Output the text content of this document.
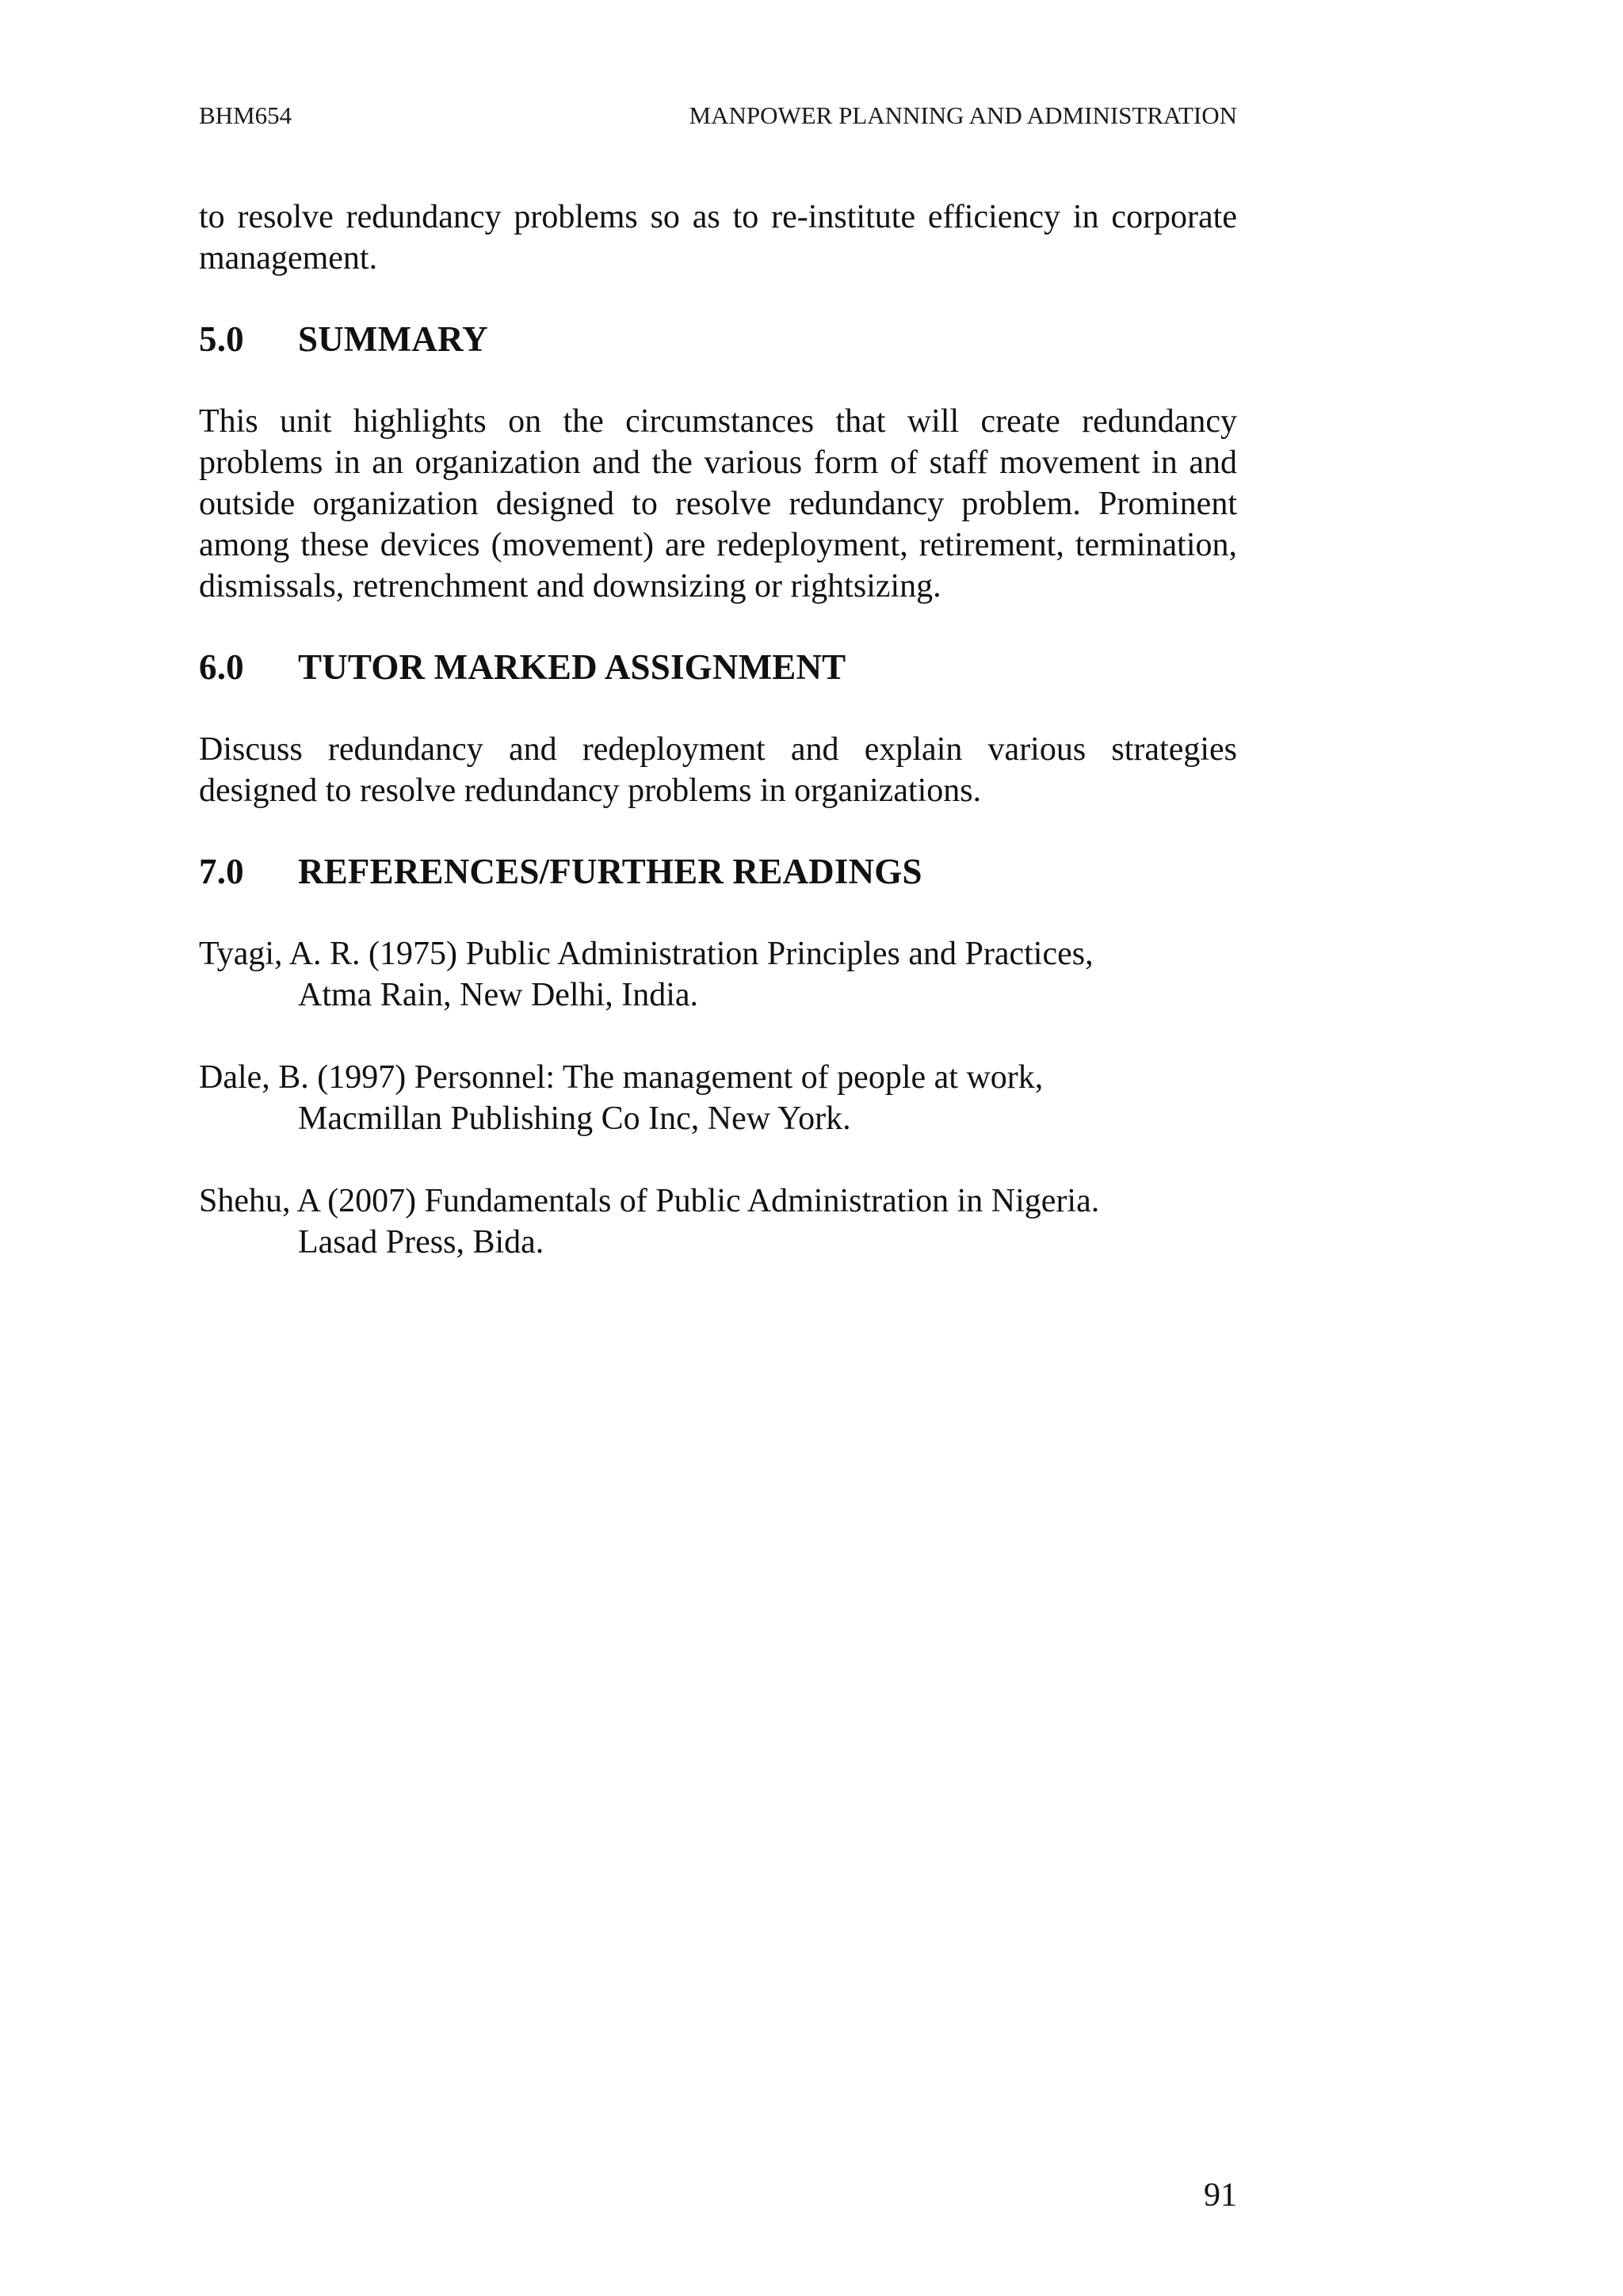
BHM654	MANPOWER PLANNING AND ADMINISTRATION

to resolve redundancy problems so as to re-institute efficiency in corporate management.

5.0	SUMMARY

This unit highlights on the circumstances that will create redundancy problems in an organization and the various form of staff movement in and outside organization designed to resolve redundancy problem. Prominent among these devices (movement) are redeployment, retirement, termination, dismissals, retrenchment and downsizing or rightsizing.

6.0	TUTOR MARKED ASSIGNMENT

Discuss redundancy and redeployment and explain various strategies designed to resolve redundancy problems in organizations.

7.0	REFERENCES/FURTHER READINGS
Tyagi, A. R. (1975) Public Administration Principles and Practices,
Atma Rain, New Delhi, India.
Dale, B. (1997) Personnel: The management of people at work,
Macmillan Publishing Co Inc, New York.
Shehu, A (2007) Fundamentals of Public Administration in Nigeria.
Lasad Press, Bida.
91
